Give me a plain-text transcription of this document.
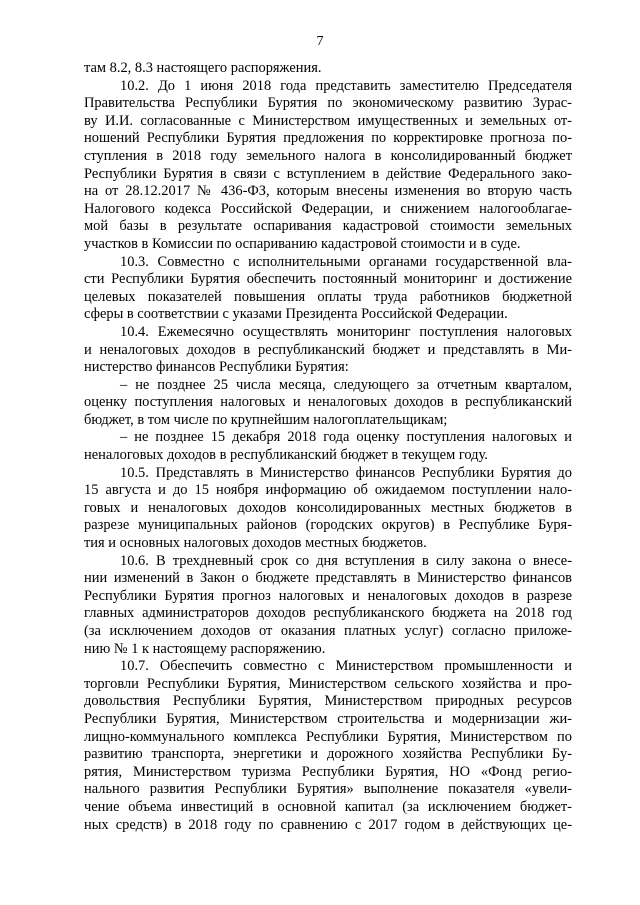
7
там 8.2, 8.3 настоящего распоряжения.
10.2. До 1 июня 2018 года представить заместителю Председателя
Правительства Республики Бурятия по экономическому развитию Зурас-
ву И.И. согласованные с Министерством имущественных и земельных от-
ношений Республики Бурятия предложения по корректировке прогноза по-
ступления в 2018 году земельного налога в консолидированный бюджет
Республики Бурятия в связи с вступлением в действие Федерального зако-
на от 28.12.2017 № 436-ФЗ, которым внесены изменения во вторую часть
Налогового кодекса Российской Федерации, и снижением налогооблагае-
мой базы в результате оспаривания кадастровой стоимости земельных
участков в Комиссии по оспариванию кадастровой стоимости и в суде.
10.3. Совместно с исполнительными органами государственной вла-
сти Республики Бурятия обеспечить постоянный мониторинг и достижение
целевых показателей повышения оплаты труда работников бюджетной
сферы в соответствии с указами Президента Российской Федерации.
10.4. Ежемесячно осуществлять мониторинг поступления налоговых
и неналоговых доходов в республиканский бюджет и представлять в Ми-
нистерство финансов Республики Бурятия:
– не позднее 25 числа месяца, следующего за отчетным кварталом,
оценку поступления налоговых и неналоговых доходов в республиканский
бюджет, в том числе по крупнейшим налогоплательщикам;
– не позднее 15 декабря 2018 года оценку поступления налоговых и
неналоговых доходов в республиканский бюджет в текущем году.
10.5. Представлять в Министерство финансов Республики Бурятия до
15 августа и до 15 ноября информацию об ожидаемом поступлении нало-
говых и неналоговых доходов консолидированных местных бюджетов в
разрезе муниципальных районов (городских округов) в Республике Буря-
тия и основных налоговых доходов местных бюджетов.
10.6. В трехдневный срок со дня вступления в силу закона о внесе-
нии изменений в Закон о бюджете представлять в Министерство финансов
Республики Бурятия прогноз налоговых и неналоговых доходов в разрезе
главных администраторов доходов республиканского бюджета на 2018 год
(за исключением доходов от оказания платных услуг) согласно приложе-
нию № 1 к настоящему распоряжению.
10.7. Обеспечить совместно с Министерством промышленности и
торговли Республики Бурятия, Министерством сельского хозяйства и про-
довольствия Республики Бурятия, Министерством природных ресурсов
Республики Бурятия, Министерством строительства и модернизации жи-
лищно-коммунального комплекса Республики Бурятия, Министерством по
развитию транспорта, энергетики и дорожного хозяйства Республики Бу-
рятия, Министерством туризма Республики Бурятия, НО «Фонд регио-
нального развития Республики Бурятия» выполнение показателя «увели-
чение объема инвестиций в основной капитал (за исключением бюджет-
ных средств) в 2018 году по сравнению с 2017 годом в действующих це-
